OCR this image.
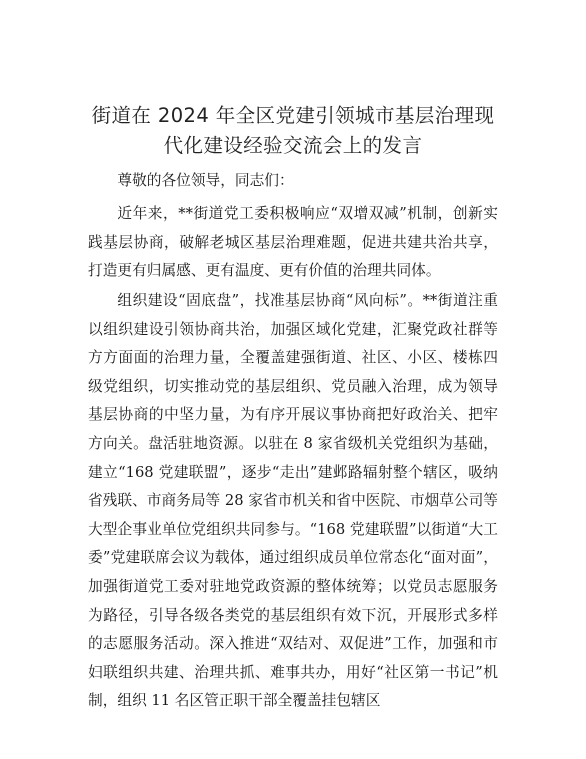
街道在 2024 年全区党建引领城市基层治理现代化建设经验交流会上的发言

尊敬的各位领导，同志们：

近年来，**街道党工委积极响应“双增双减”机制，创新实践基层协商，破解老城区基层治理难题，促进共建共治共享，打造更有归属感、更有温度、更有价值的治理共同体。

组织建设“固底盘”，找准基层协商“风向标”。**街道注重以组织建设引领协商共治，加强区域化党建，汇聚党政社群等方方面面的治理力量，全覆盖建强街道、社区、小区、楼栋四级党组织，切实推动党的基层组织、党员融入治理，成为领导基层协商的中坚力量，为有序开展议事协商把好政治关、把牢方向关。盘活驻地资源。以驻在 8 家省级机关党组织为基础，建立“168 党建联盟”，逐步“走出”建邺路辐射整个辖区，吸纳省残联、市商务局等 28 家省市机关和省中医院、市烟草公司等大型企事业单位党组织共同参与。“168 党建联盟”以街道“大工委”党建联席会议为载体，通过组织成员单位常态化“面对面”，加强街道党工委对驻地党政资源的整体统筹；以党员志愿服务为路径，引导各级各类党的基层组织有效下沉，开展形式多样的志愿服务活动。深入推进“双结对、双促进”工作，加强和市妇联组织共建、治理共抓、难事共办，用好“社区第一书记”机制，组织 11 名区管正职干部全覆盖挂包辖区
